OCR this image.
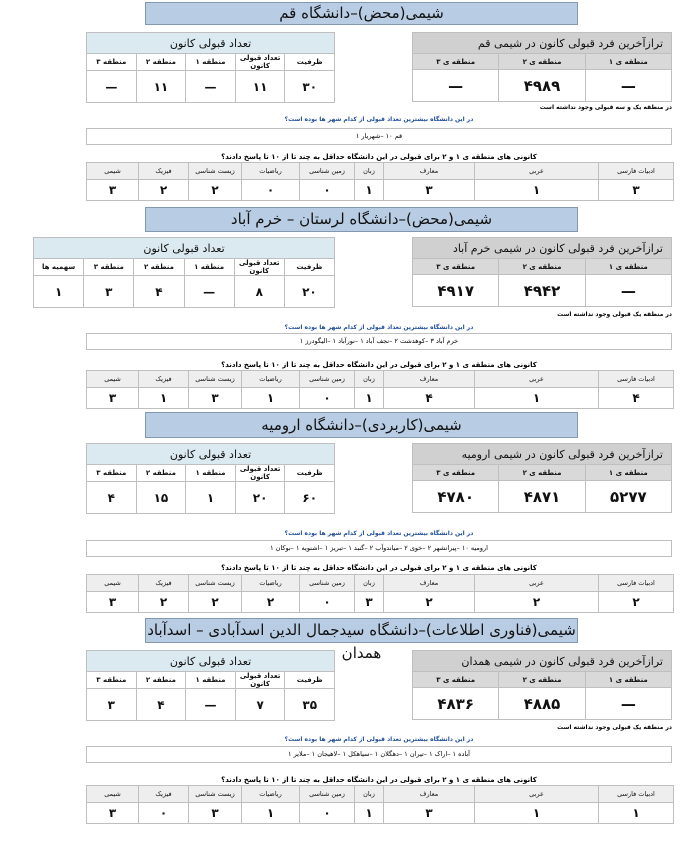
شیمی(محض)–دانشگاه قم
ترازآخرین فرد قبولی کانون در شیمی قم		
منطقه ی ۱	منطقه ی ۲	منطقه ی ۳
—	۴۹۸۹	—
تعداد قبولی کانون				
ظرفیت	تعداد قبولی کانون	منطقه ۱	منطقه ۲	منطقه ۳
۳۰	۱۱	—	۱۱	—
در منطقه یک و سه قبولی وجود نداشته است
در این دانشگاه بیشترین تعداد قبولی از کدام شهر ها بوده است؟
قم ۱۰ –شهریار ۱
کانونی های منطقه ی ۱ و ۲ برای قبولی در این دانشگاه حداقل به چند تا از ۱۰ تا پاسخ دادند؟
ادبیات فارسی	عربی	معارف	زبان	زمین شناسی	ریاضیات	زیست شناسی	فیزیک	شیمی
۳	۱	۳	۱	۰	۰	۲	۲	۳
شیمی(محض)–دانشگاه لرستان – خرم آباد
ترازآخرین فرد قبولی کانون در شیمی خرم آباد		
منطقه ی ۱	منطقه ی ۲	منطقه ی ۳
—	۴۹۴۲	۴۹۱۷
تعداد قبولی کانون					
ظرفیت	تعداد قبولی کانون	منطقه ۱	منطقه ۲	منطقه ۳	سهمیه ها
۲۰	۸	—	۴	۳	۱
در منطقه یک قبولی وجود نداشته است
در این دانشگاه بیشترین تعداد قبولی از کدام شهر ها بوده است؟
خرم آباد ۳ –کوهدشت ۲ –نجف آباد ۱ –نورآباد ۱ –الیگودرز ۱
کانونی های منطقه ی ۱ و ۲ برای قبولی در این دانشگاه حداقل به چند تا از ۱۰ تا پاسخ دادند؟
ادبیات فارسی	عربی	معارف	زبان	زمین شناسی	ریاضیات	زیست شناسی	فیزیک	شیمی
۴	۱	۴	۱	۰	۱	۳	۱	۳
شیمی(کاربردی)–دانشگاه ارومیه
ترازآخرین فرد قبولی کانون در شیمی ارومیه		
منطقه ی ۱	منطقه ی ۲	منطقه ی ۳
۵۲۷۷	۴۸۷۱	۴۷۸۰
تعداد قبولی کانون				
ظرفیت	تعداد قبولی کانون	منطقه ۱	منطقه ۲	منطقه ۳
۶۰	۲۰	۱	۱۵	۴
در این دانشگاه بیشترین تعداد قبولی از کدام شهر ها بوده است؟
ارومیه ۱۰ –پیرانشهر ۲ –خوی ۲ –میاندوآب ۲ –گنبد ۱ –تبریز ۱ –اشنویه ۱ –بوکان ۱
کانونی های منطقه ی ۱ و ۲ برای قبولی در این دانشگاه حداقل به چند تا از ۱۰ تا پاسخ دادند؟
ادبیات فارسی	عربی	معارف	زبان	زمین شناسی	ریاضیات	زیست شناسی	فیزیک	شیمی
۲	۲	۲	۳	۰	۲	۲	۲	۳
شیمی(فناوری اطلاعات)–دانشگاه سیدجمال الدین اسدآبادی – اسدآباد همدان	ترازآخرین فرد قبولی کانون در شیمی همدان		
منطقه ی ۱	منطقه ی ۲	منطقه ی ۳
—	۴۸۸۵	۴۸۳۶
تعداد قبولی کانون				
ظرفیت	تعداد قبولی کانون	منطقه ۱	منطقه ۲	منطقه ۳
۳۵	۷	—	۴	۳
در منطقه یک قبولی وجود نداشته است
در این دانشگاه بیشترین تعداد قبولی از کدام شهر ها بوده است؟
آباده ۱ –اراک ۱ –تیران ۱ –دهگلان ۱ –سیاهکل ۱ –لاهیجان ۱ –ملایر ۱
کانونی های منطقه ی ۱ و ۲ برای قبولی در این دانشگاه حداقل به چند تا از ۱۰ تا پاسخ دادند؟
ادبیات فارسی	عربی	معارف	زبان	زمین شناسی	ریاضیات	زیست شناسی	فیزیک	شیمی
۱	۱	۳	۱	۰	۱	۳	۰	۳
